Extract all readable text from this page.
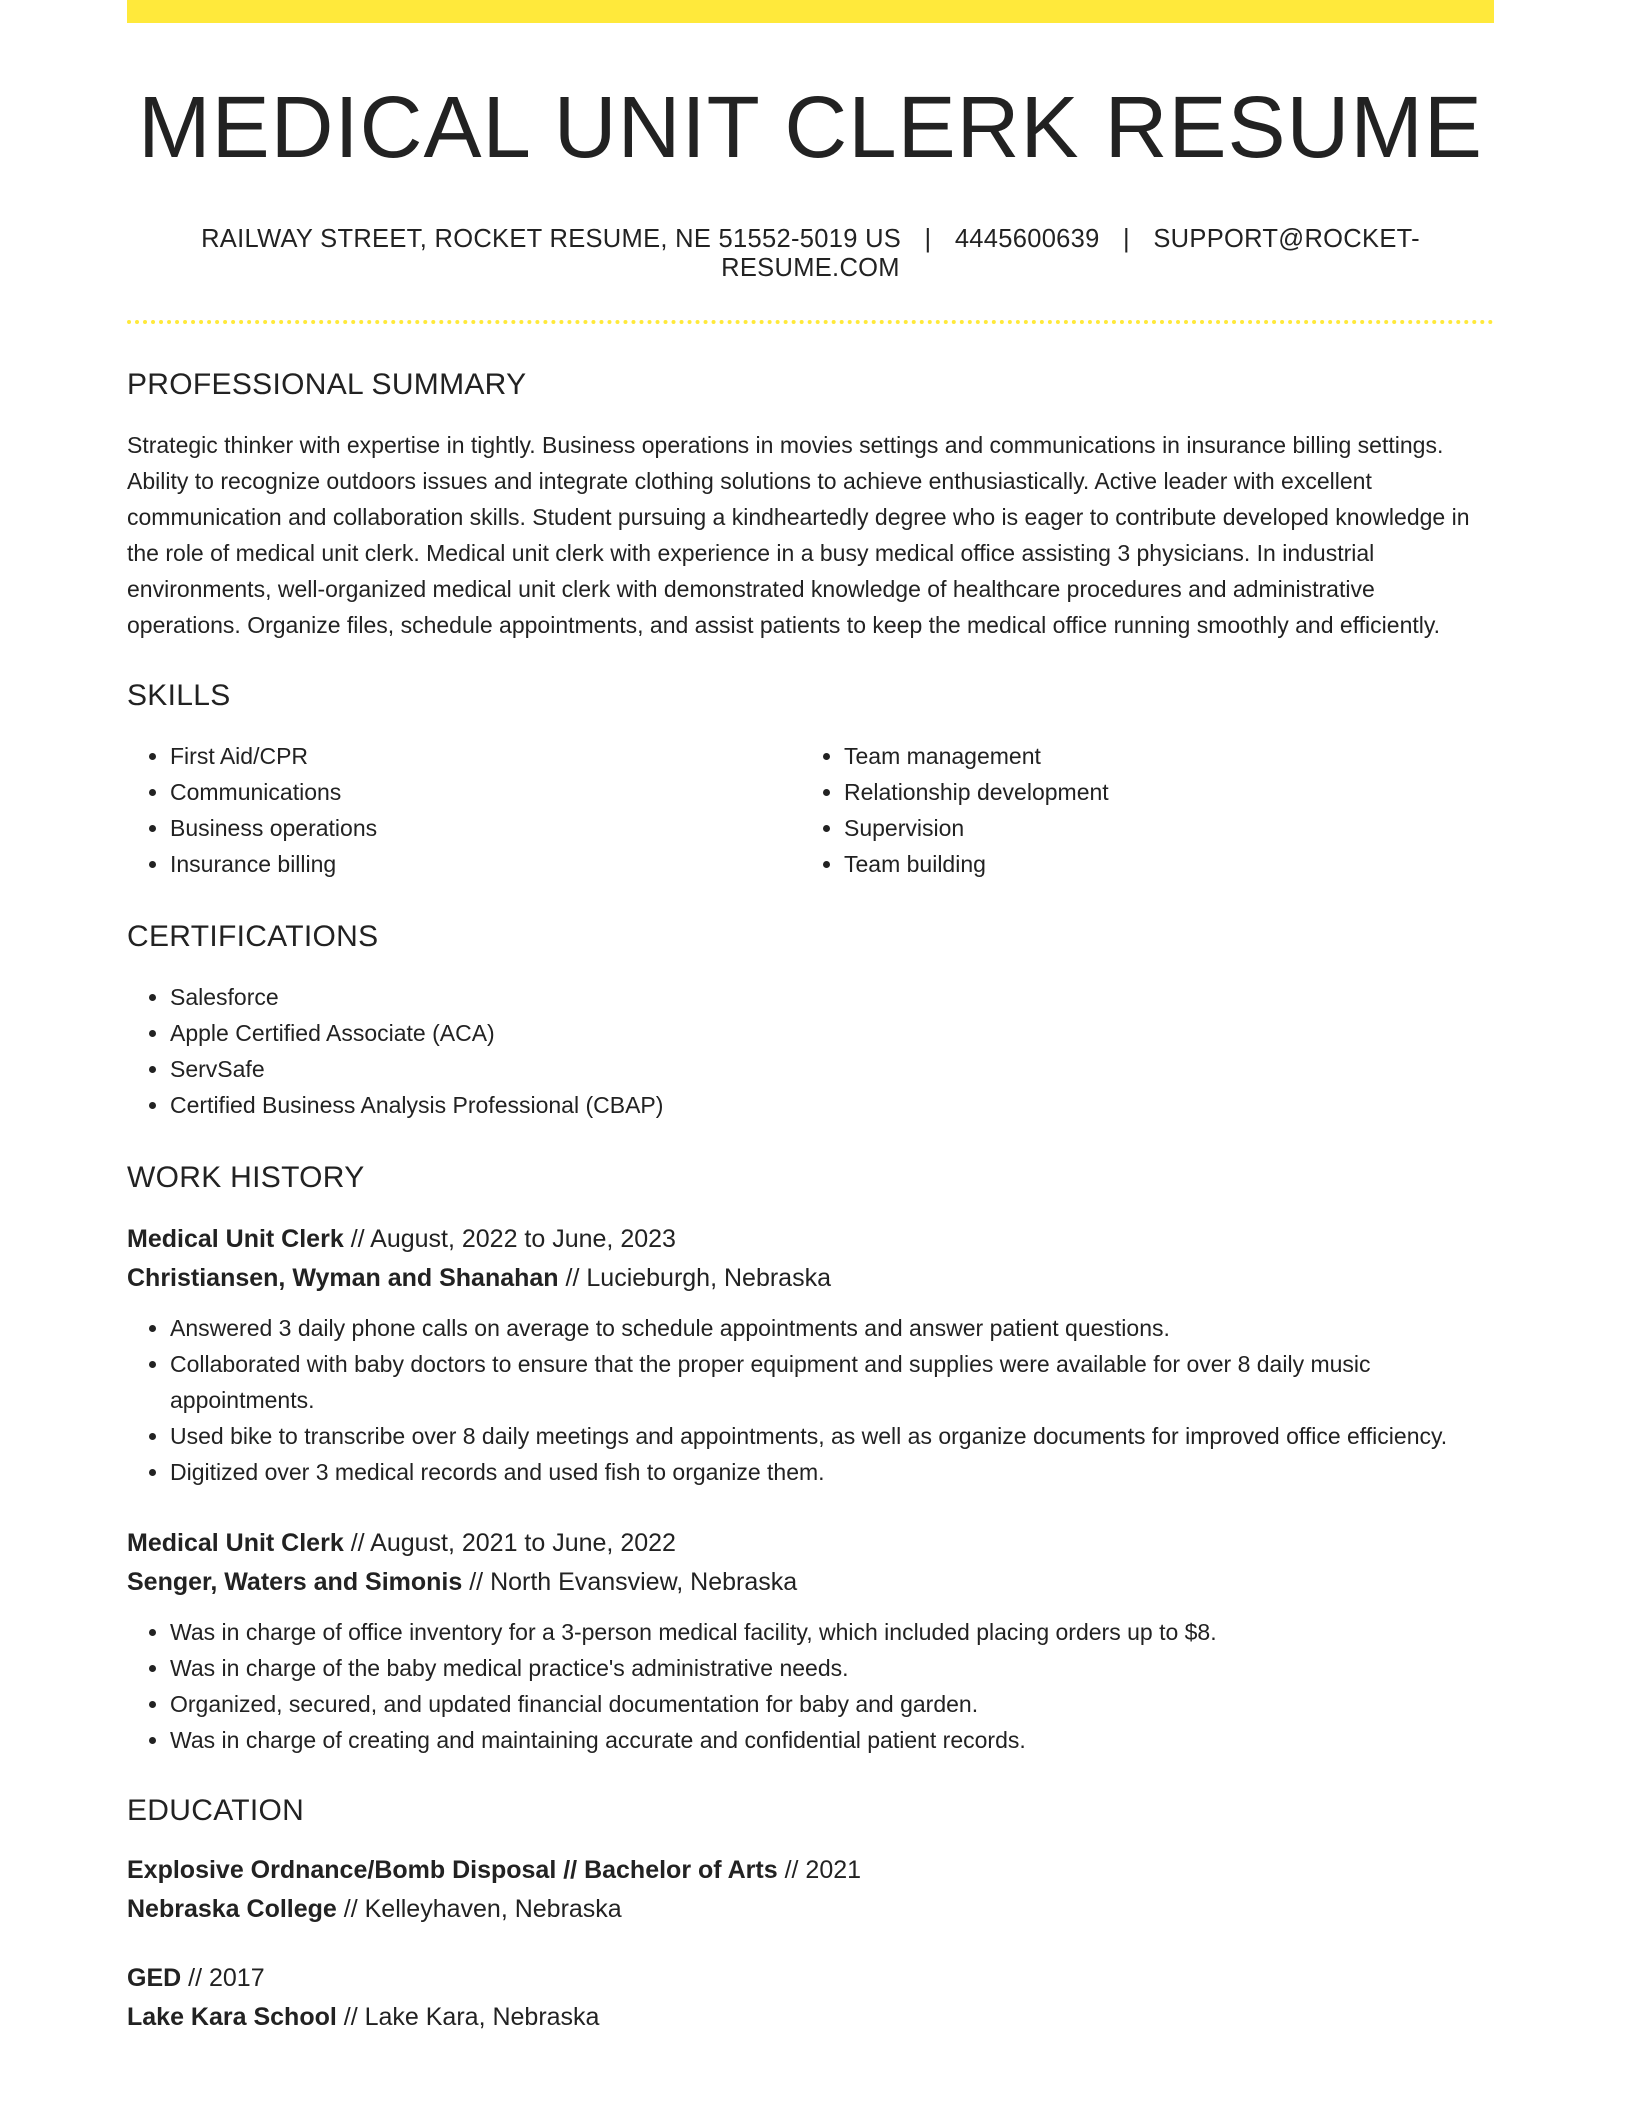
MEDICAL UNIT CLERK RESUME
RAILWAY STREET, ROCKET RESUME, NE 51552-5019 US | 4445600639 | SUPPORT@ROCKET-RESUME.COM
PROFESSIONAL SUMMARY

Strategic thinker with expertise in tightly. Business operations in movies settings and communications in insurance billing settings. Ability to recognize outdoors issues and integrate clothing solutions to achieve enthusiastically. Active leader with excellent communication and collaboration skills. Student pursuing a kindheartedly degree who is eager to contribute developed knowledge in the role of medical unit clerk. Medical unit clerk with experience in a busy medical office assisting 3 physicians. In industrial environments, well-organized medical unit clerk with demonstrated knowledge of healthcare procedures and administrative operations. Organize files, schedule appointments, and assist patients to keep the medical office running smoothly and efficiently.

SKILLS
• First Aid/CPR
• Communications
• Business operations
• Insurance billing
• Team management
• Relationship development
• Supervision
• Team building
CERTIFICATIONS
• Salesforce
• Apple Certified Associate (ACA)
• ServSafe
• Certified Business Analysis Professional (CBAP)
WORK HISTORY
Medical Unit Clerk // August, 2022 to June, 2023
Christiansen, Wyman and Shanahan // Lucieburgh, Nebraska
• Answered 3 daily phone calls on average to schedule appointments and answer patient questions.
• Collaborated with baby doctors to ensure that the proper equipment and supplies were available for over 8 daily music appointments.
• Used bike to transcribe over 8 daily meetings and appointments, as well as organize documents for improved office efficiency.
• Digitized over 3 medical records and used fish to organize them.
Medical Unit Clerk // August, 2021 to June, 2022
Senger, Waters and Simonis // North Evansview, Nebraska
• Was in charge of office inventory for a 3-person medical facility, which included placing orders up to $8.
• Was in charge of the baby medical practice's administrative needs.
• Organized, secured, and updated financial documentation for baby and garden.
• Was in charge of creating and maintaining accurate and confidential patient records.
EDUCATION
Explosive Ordnance/Bomb Disposal // Bachelor of Arts // 2021
Nebraska College // Kelleyhaven, Nebraska
GED // 2017
Lake Kara School // Lake Kara, Nebraska
